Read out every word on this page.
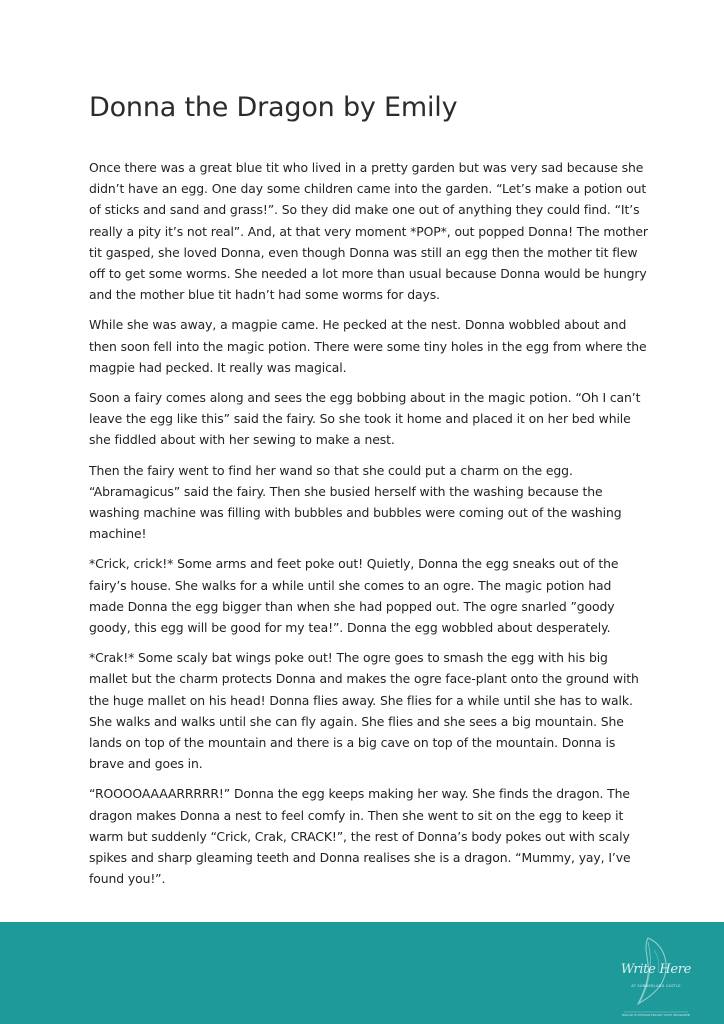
Donna the Dragon by Emily

Once there was a great blue tit who lived in a pretty garden but was very sad because she didn’t have an egg. One day some children came into the garden. “Let’s make a potion out of sticks and sand and grass!”. So they did make one out of anything they could find. “It’s really a pity it’s not real”. And, at that very moment *POP*, out popped Donna! The mother tit gasped, she loved Donna, even though Donna was still an egg then the mother tit flew off to get some worms. She needed a lot more than usual because Donna would be hungry and the mother blue tit hadn’t had some worms for days.

While she was away, a magpie came. He pecked at the nest. Donna wobbled about and then soon fell into the magic potion. There were some tiny holes in the egg from where the magpie had pecked. It really was magical.

Soon a fairy comes along and sees the egg bobbing about in the magic potion. “Oh I can’t leave the egg like this” said the fairy. So she took it home and placed it on her bed while she fiddled about with her sewing to make a nest.

Then the fairy went to find her wand so that she could put a charm on the egg. “Abramagicus” said the fairy. Then she busied herself with the washing because the washing machine was filling with bubbles and bubbles were coming out of the washing machine!

*Crick, crick!* Some arms and feet poke out! Quietly, Donna the egg sneaks out of the fairy’s house. She walks for a while until she comes to an ogre. The magic potion had made Donna the egg bigger than when she had popped out. The ogre snarled ”goody goody, this egg will be good for my tea!”. Donna the egg wobbled about desperately.

*Crak!* Some scaly bat wings poke out! The ogre goes to smash the egg with his big mallet but the charm protects Donna and makes the ogre face-plant onto the ground with the huge mallet on his head! Donna flies away. She flies for a while until she has to walk. She walks and walks until she can fly again. She flies and she sees a big mountain. She lands on top of the mountain and there is a big cave on top of the mountain. Donna is brave and goes in.

“ROOOOAAAARRRRR!” Donna the egg keeps making her way. She finds the dragon. The dragon makes Donna a nest to feel comfy in. Then she went to sit on the egg to keep it warm but suddenly “Crick, Crak, CRACK!”, the rest of Donna’s body pokes out with scaly spikes and sharp gleaming teeth and Donna realises she is a dragon. “Mummy, yay, I’ve found you!”.

Write Here
AT SUNDERLAND CASTLE
ENGLISH IS HERITAGE ENGLISH YOUTH PROGRAMME
